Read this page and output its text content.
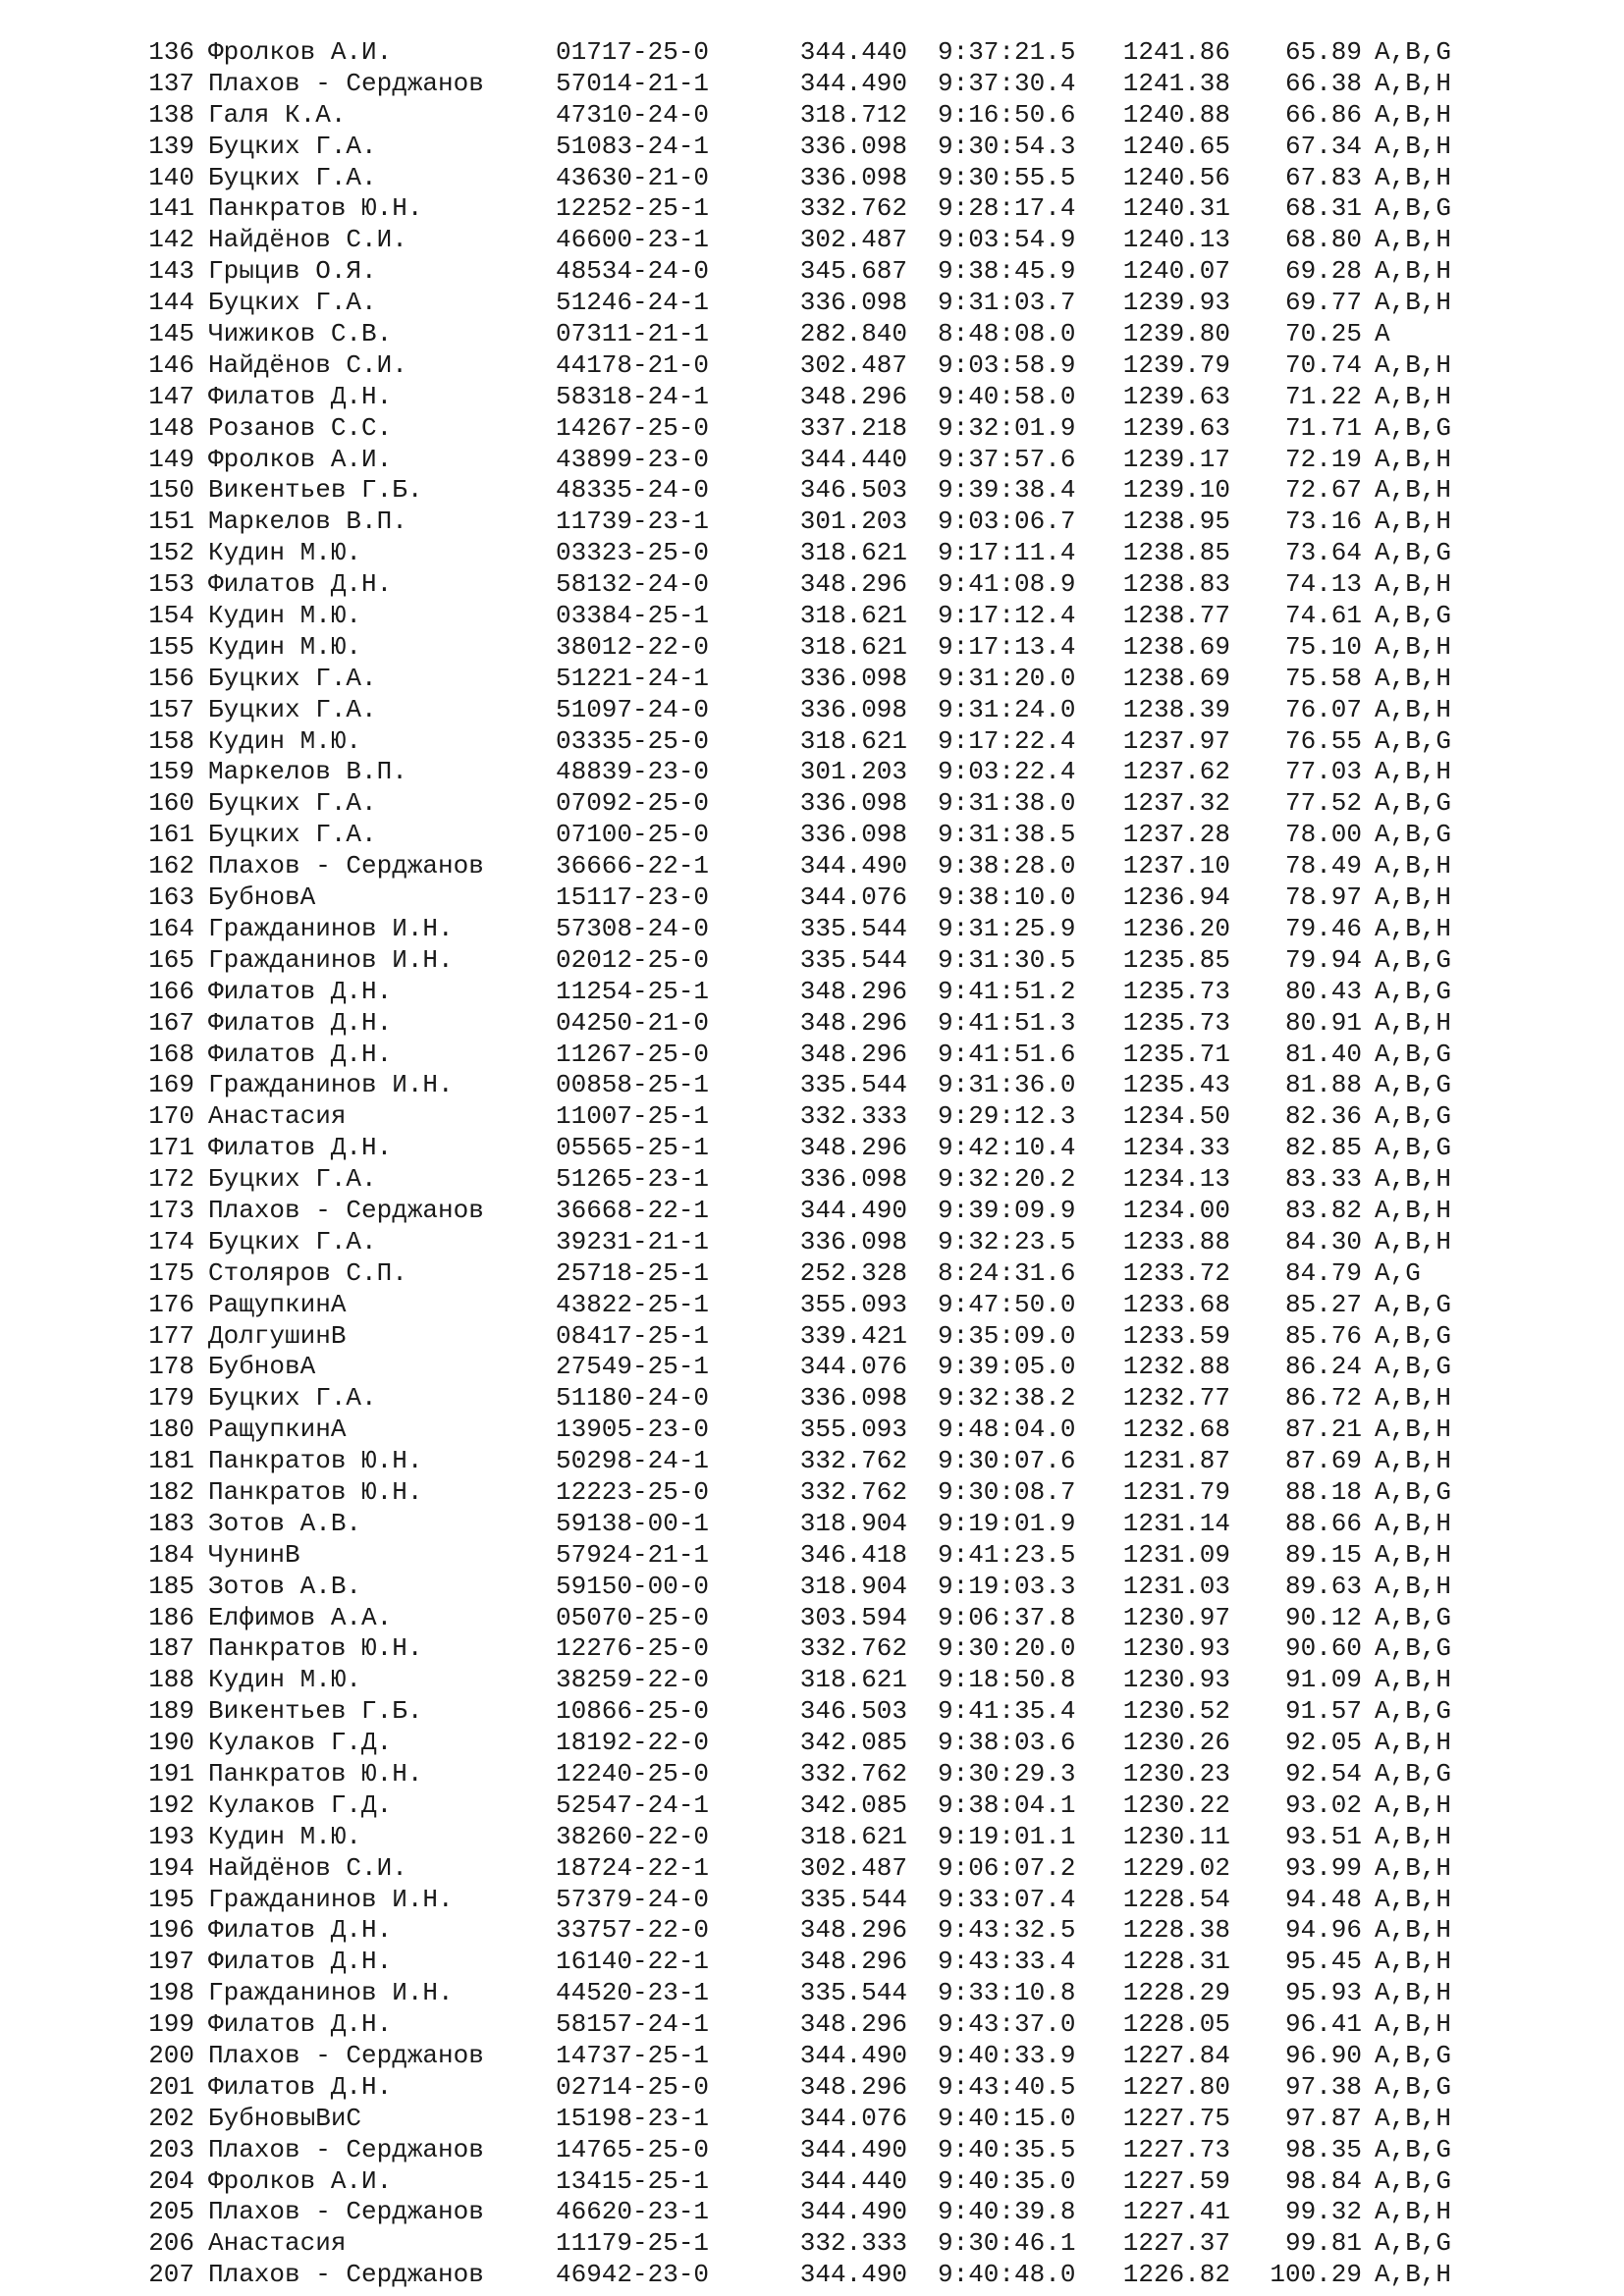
136 Фролков А.И.	01717-25-0	344.440 9:37:21.5 1241.86	65.89 A,B,G
137 Плахов - Серджанов	57014-21-1	344.490 9:37:30.4 1241.38	66.38 A,B,H
138 Галя К.А.	47310-24-0	318.712 9:16:50.6 1240.88	66.86 A,B,H
139 Буцких Г.А.	51083-24-1	336.098 9:30:54.3 1240.65	67.34 A,B,H
140 Буцких Г.А.	43630-21-0	336.098 9:30:55.5 1240.56	67.83 A,B,H
141 Панкратов Ю.Н.	12252-25-1	332.762 9:28:17.4 1240.31	68.31 A,B,G
142 Найдёнов С.И.	46600-23-1	302.487 9:03:54.9 1240.13	68.80 A,B,H
143 Грыцив О.Я.	48534-24-0	345.687 9:38:45.9 1240.07	69.28 A,B,H
144 Буцких Г.А.	51246-24-1	336.098 9:31:03.7 1239.93	69.77 A,B,H
145 Чижиков С.В.	07311-21-1	282.840 8:48:08.0 1239.80	70.25 A
146 Найдёнов С.И.	44178-21-0	302.487 9:03:58.9 1239.79	70.74 A,B,H
147 Филатов Д.Н.	58318-24-1	348.296 9:40:58.0 1239.63	71.22 A,B,H
148 Розанов С.С.	14267-25-0	337.218 9:32:01.9 1239.63	71.71 A,B,G
149 Фролков А.И.	43899-23-0	344.440 9:37:57.6 1239.17	72.19 A,B,H
150 Викентьев Г.Б.	48335-24-0	346.503 9:39:38.4 1239.10	72.67 A,B,H
151 Маркелов В.П.	11739-23-1	301.203 9:03:06.7 1238.95	73.16 A,B,H
152 Кудин М.Ю.	03323-25-0	318.621 9:17:11.4 1238.85	73.64 A,B,G
153 Филатов Д.Н.	58132-24-0	348.296 9:41:08.9 1238.83	74.13 A,B,H
154 Кудин М.Ю.	03384-25-1	318.621 9:17:12.4 1238.77	74.61 A,B,G
155 Кудин М.Ю.	38012-22-0	318.621 9:17:13.4 1238.69	75.10 A,B,H
156 Буцких Г.А.	51221-24-1	336.098 9:31:20.0 1238.69	75.58 A,B,H
157 Буцких Г.А.	51097-24-0	336.098 9:31:24.0 1238.39	76.07 A,B,H
158 Кудин М.Ю.	03335-25-0	318.621 9:17:22.4 1237.97	76.55 A,B,G
159 Маркелов В.П.	48839-23-0	301.203 9:03:22.4 1237.62	77.03 A,B,H
160 Буцких Г.А.	07092-25-0	336.098 9:31:38.0 1237.32	77.52 A,B,G
161 Буцких Г.А.	07100-25-0	336.098 9:31:38.5 1237.28	78.00 A,B,G
162 Плахов - Серджанов	36666-22-1	344.490 9:38:28.0 1237.10	78.49 A,B,H
163 БубновА	15117-23-0	344.076 9:38:10.0 1236.94	78.97 A,B,H
164 Гражданинов И.Н.	57308-24-0	335.544 9:31:25.9 1236.20	79.46 A,B,H
165 Гражданинов И.Н.	02012-25-0	335.544 9:31:30.5 1235.85	79.94 A,B,G
166 Филатов Д.Н.	11254-25-1	348.296 9:41:51.2 1235.73	80.43 A,B,G
167 Филатов Д.Н.	04250-21-0	348.296 9:41:51.3 1235.73	80.91 A,B,H
168 Филатов Д.Н.	11267-25-0	348.296 9:41:51.6 1235.71	81.40 A,B,G
169 Гражданинов И.Н.	00858-25-1	335.544 9:31:36.0 1235.43	81.88 A,B,G
170 Анастасия	11007-25-1	332.333 9:29:12.3 1234.50	82.36 A,B,G
171 Филатов Д.Н.	05565-25-1	348.296 9:42:10.4 1234.33	82.85 A,B,G
172 Буцких Г.А.	51265-23-1	336.098 9:32:20.2 1234.13	83.33 A,B,H
173 Плахов - Серджанов	36668-22-1	344.490 9:39:09.9 1234.00	83.82 A,B,H
174 Буцких Г.А.	39231-21-1	336.098 9:32:23.5 1233.88	84.30 A,B,H
175 Столяров С.П.	25718-25-1	252.328 8:24:31.6 1233.72	84.79 A,G
176 РащупкинА	43822-25-1	355.093 9:47:50.0 1233.68	85.27 A,B,G
177 ДолгушинВ	08417-25-1	339.421 9:35:09.0 1233.59	85.76 A,B,G
178 БубновА	27549-25-1	344.076 9:39:05.0 1232.88	86.24 A,B,G
179 Буцких Г.А.	51180-24-0	336.098 9:32:38.2 1232.77	86.72 A,B,H
180 РащупкинА	13905-23-0	355.093 9:48:04.0 1232.68	87.21 A,B,H
181 Панкратов Ю.Н.	50298-24-1	332.762 9:30:07.6 1231.87	87.69 A,B,H
182 Панкратов Ю.Н.	12223-25-0	332.762 9:30:08.7 1231.79	88.18 A,B,G
183 Зотов А.В.	59138-00-1	318.904 9:19:01.9 1231.14	88.66 A,B,H
184 ЧунинВ	57924-21-1	346.418 9:41:23.5 1231.09	89.15 A,B,H
185 Зотов А.В.	59150-00-0	318.904 9:19:03.3 1231.03	89.63 A,B,H
186 Елфимов А.А.	05070-25-0	303.594 9:06:37.8 1230.97	90.12 A,B,G
187 Панкратов Ю.Н.	12276-25-0	332.762 9:30:20.0 1230.93	90.60 A,B,G
188 Кудин М.Ю.	38259-22-0	318.621 9:18:50.8 1230.93	91.09 A,B,H
189 Викентьев Г.Б.	10866-25-0	346.503 9:41:35.4 1230.52	91.57 A,B,G
190 Кулаков Г.Д.	18192-22-0	342.085 9:38:03.6 1230.26	92.05 A,B,H
191 Панкратов Ю.Н.	12240-25-0	332.762 9:30:29.3 1230.23	92.54 A,B,G
192 Кулаков Г.Д.	52547-24-1	342.085 9:38:04.1 1230.22	93.02 A,B,H
193 Кудин М.Ю.	38260-22-0	318.621 9:19:01.1 1230.11	93.51 A,B,H
194 Найдёнов С.И.	18724-22-1	302.487 9:06:07.2 1229.02	93.99 A,B,H
195 Гражданинов И.Н.	57379-24-0	335.544 9:33:07.4 1228.54	94.48 A,B,H
196 Филатов Д.Н.	33757-22-0	348.296 9:43:32.5 1228.38	94.96 A,B,H
197 Филатов Д.Н.	16140-22-1	348.296 9:43:33.4 1228.31	95.45 A,B,H
198 Гражданинов И.Н.	44520-23-1	335.544 9:33:10.8 1228.29	95.93 A,B,H
199 Филатов Д.Н.	58157-24-1	348.296 9:43:37.0 1228.05	96.41 A,B,H
200 Плахов - Серджанов	14737-25-1	344.490 9:40:33.9 1227.84	96.90 A,B,G
201 Филатов Д.Н.	02714-25-0	348.296 9:43:40.5 1227.80	97.38 A,B,G
202 БубновыВиС	15198-23-1	344.076 9:40:15.0 1227.75	97.87 A,B,H
203 Плахов - Серджанов	14765-25-0	344.490 9:40:35.5 1227.73	98.35 A,B,G
204 Фролков А.И.	13415-25-1	344.440 9:40:35.0 1227.59	98.84 A,B,G
205 Плахов - Серджанов	46620-23-1	344.490 9:40:39.8 1227.41	99.32 A,B,H
206 Анастасия	11179-25-1	332.333 9:30:46.1 1227.37	99.81 A,B,G
207 Плахов - Серджанов	46942-23-0	344.490 9:40:48.0 1226.82	100.29 A,B,H
